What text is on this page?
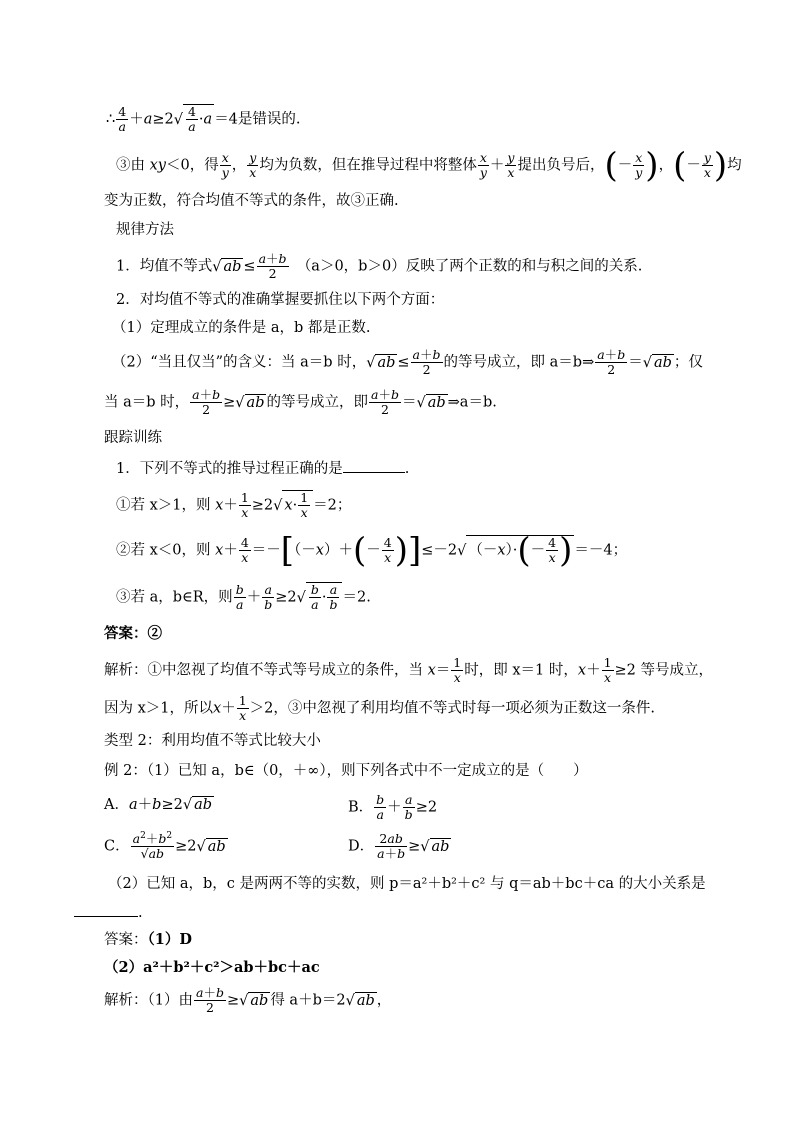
∴ $\frac{4}{a} +a\ge 2√ \frac{4}{a} \cdot a =4$是错误的.
③由 xy＜0，得 $\frac{x}{y}$ ， $\frac{y}{x}$ 均为负数，但在推导过程中将整体 $\frac{x}{y} + \frac{y}{x}$ 提出负号后，(－ $\frac{x}{y}$ )，(－ $\frac{y}{x}$ )均
变为正数，符合均值不等式的条件，故③正确.
规律方法
1．均值不等式√ ab ≤ $\frac{a+b}{2}$
　 （a＞0，b＞0）反映了两个正数的和与积之间的关系.
2．对均值不等式的准确掌握要抓住以下两个方面：
（1）定理成立的条件是 a，b 都是正数.
（2）“当且仅当”的含义：当 a＝b 时，√ ab ≤ $\frac{a+b}{2}$ 的等号成立，即 a＝b⇒ $\frac{a+b}{2}$ ＝√ ab ；仅
当 a＝b 时， $\frac{a+b}{2}$ ≥√ ab 的等号成立，即 $\frac{a+b}{2}$ ＝√ ab ⇒a＝b.
跟踪训练
1．下列不等式的推导过程正确的是	.
①若 x＞1，则 $x+ \frac{1}{x} \ge 2√$ $x\cdot \frac{1}{x} =2$；
②若 x＜0，则 $x+ \frac{4}{x} =-[(-x)+(- \frac{4}{x} )]\le-2√$ $(-x)\cdot(- \frac{4}{x}$ ) ＝－4；
③若 a，b∈R，则 $\frac{b}{a} + \frac{a}{b} \ge 2√ \frac{b}{a} \cdot \frac{a}{b} =2$.
答案：②
解析：①中忽视了均值不等式等号成立的条件，当 $x= \frac{1}{x}$ 时，即 x＝1 时，$x+ \frac{1}{x} \ge 2$ 等号成立，
因为 x＞1，所以$x+ \frac{1}{x} >2$，③中忽视了利用均值不等式时每一项必须为正数这一条件.
类型 2：利用均值不等式比较大小
例 2：（1）已知 a，b∈（0，＋∞），则下列各式中不一定成立的是（　　）
A．a＋b≥2√ ab	B． $\frac{b}{a} + \frac{a}{b} \ge 2$
C． $\frac{a^2+b^2}{√ab} \ge 2√$ ab	D． $\frac{2ab}{a+b}$ ≥√ ab
（2）已知 a，b，c 是两两不等的实数，则 p＝a²＋b²＋c² 与 q＝ab＋bc＋ca 的大小关系是
.
答案：（1）D
（2）a²＋b²＋c²＞ab＋bc＋ac
解析：（1）由 $\frac{a+b}{2}$ ≥√ ab 得 a＋b＝2√ ab ，
